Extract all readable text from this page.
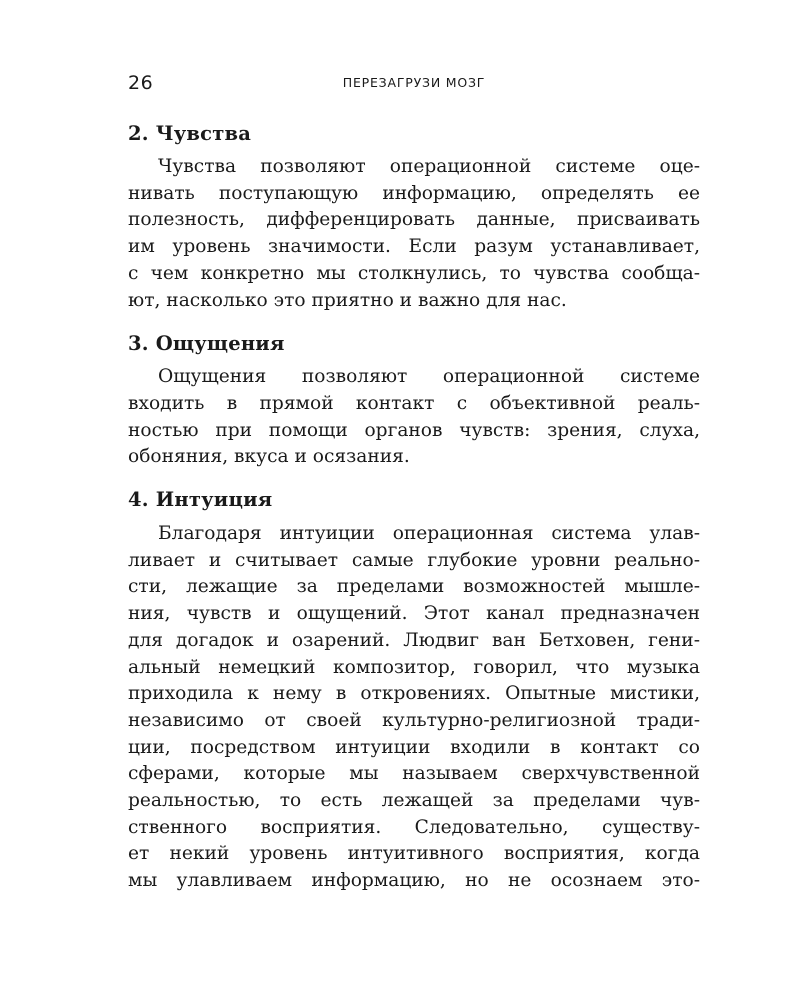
26	ПЕРЕЗАГРУЗИ МОЗГ
2. Чувства
Чувства позволяют операционной системе оце-
нивать поступающую информацию, определять ее
полезность, дифференцировать данные, присваивать
им уровень значимости. Если разум устанавливает,
с чем конкретно мы столкнулись, то чувства сообща-
ют, насколько это приятно и важно для нас.
3. Ощущения
Ощущения позволяют операционной системе
входить в прямой контакт с объективной реаль-
ностью при помощи органов чувств: зрения, слуха,
обоняния, вкуса и осязания.
4. Интуиция
Благодаря интуиции операционная система улав-
ливает и считывает самые глубокие уровни реально-
сти, лежащие за пределами возможностей мышле-
ния, чувств и ощущений. Этот канал предназначен
для догадок и озарений. Людвиг ван Бетховен, гени-
альный немецкий композитор, говорил, что музыка
приходила к нему в откровениях. Опытные мистики,
независимо от своей культурно-религиозной тради-
ции, посредством интуиции входили в контакт со
сферами, которые мы называем сверхчувственной
реальностью, то есть лежащей за пределами чув-
ственного восприятия. Следовательно, существу-
ет некий уровень интуитивного восприятия, когда
мы улавливаем информацию, но не осознаем это-
